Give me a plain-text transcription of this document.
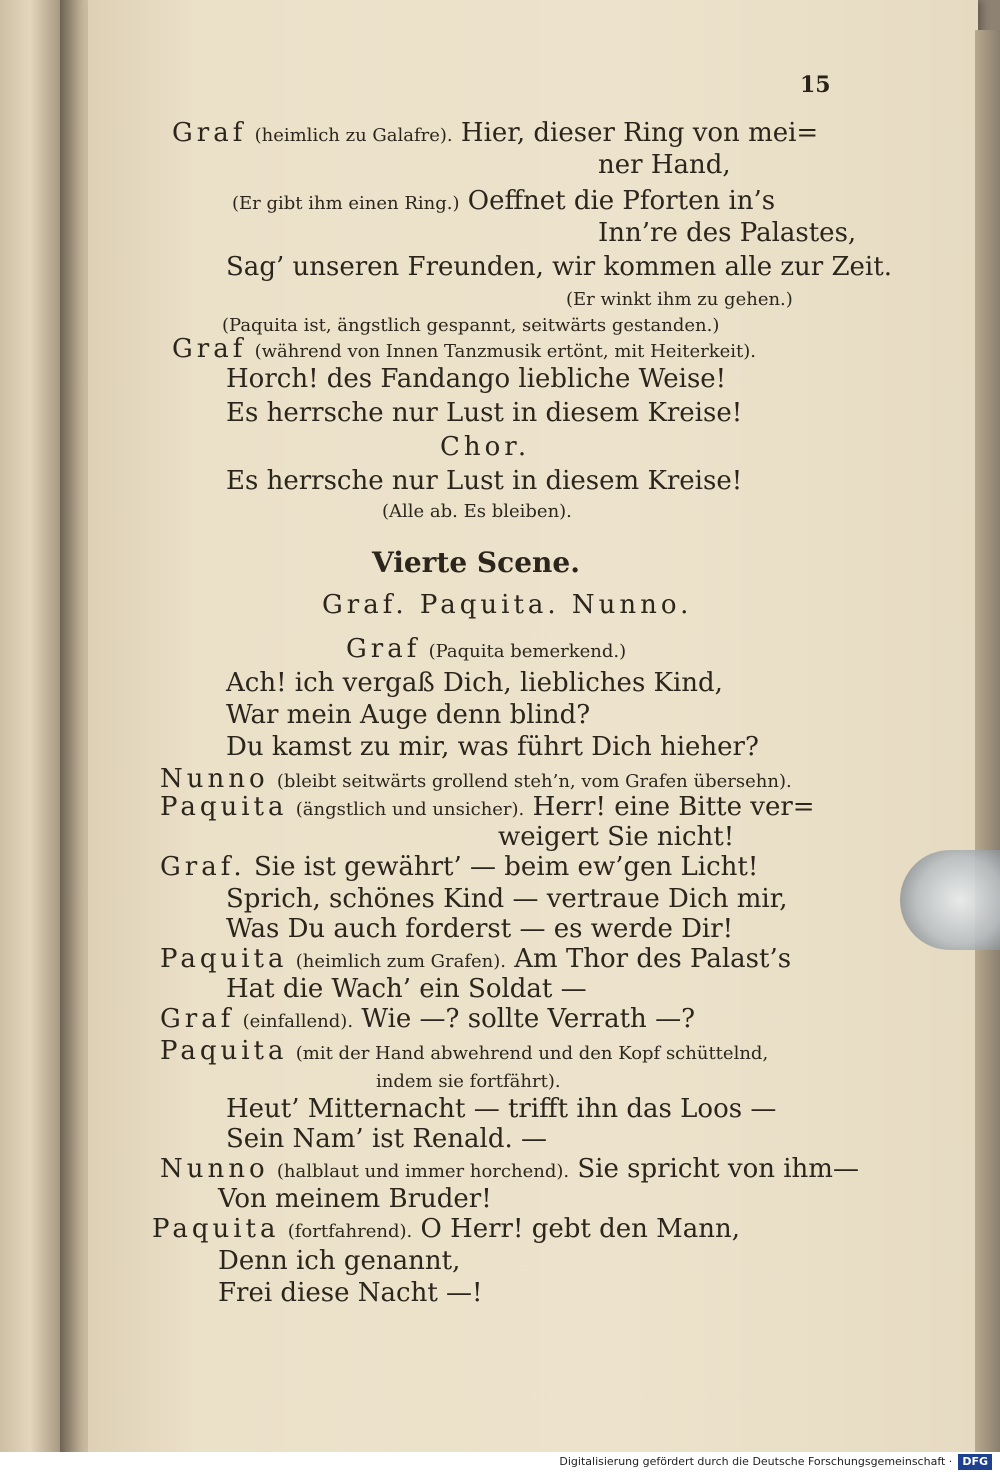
15
Graf (heimlich zu Galafre). Hier, dieser Ring von mei=
ner Hand,
(Er gibt ihm einen Ring.) Oeffnet die Pforten in’s
Inn’re des Palastes,
Sag’ unseren Freunden, wir kommen alle zur Zeit.
(Er winkt ihm zu gehen.)
(Paquita ist, ängstlich gespannt, seitwärts gestanden.)
Graf (während von Innen Tanzmusik ertönt, mit Heiterkeit).
Horch! des Fandango liebliche Weise!
Es herrsche nur Lust in diesem Kreise!
Chor.
Es herrsche nur Lust in diesem Kreise!
(Alle ab. Es bleiben).
Vierte Scene.
Graf. Paquita. Nunno.
Graf (Paquita bemerkend.)
Ach! ich vergaß Dich, liebliches Kind,
War mein Auge denn blind?
Du kamst zu mir, was führt Dich hieher?
Nunno (bleibt seitwärts grollend steh’n, vom Grafen übersehn).
Paquita (ängstlich und unsicher). Herr! eine Bitte ver=
weigert Sie nicht!
Graf. Sie ist gewährt’ — beim ew’gen Licht!
Sprich, schönes Kind — vertraue Dich mir,
Was Du auch forderst — es werde Dir!
Paquita (heimlich zum Grafen). Am Thor des Palast’s
Hat die Wach’ ein Soldat —
Graf (einfallend). Wie —? sollte Verrath —?
Paquita (mit der Hand abwehrend und den Kopf schüttelnd,
indem sie fortfährt).
Heut’ Mitternacht — trifft ihn das Loos —
Sein Nam’ ist Renald. —
Nunno (halblaut und immer horchend). Sie spricht von ihm—
Von meinem Bruder!
Paquita (fortfahrend). O Herr! gebt den Mann,
Denn ich genannt,
Frei diese Nacht —!
Digitalisierung gefördert durch die Deutsche Forschungsgemeinschaft · DFG
